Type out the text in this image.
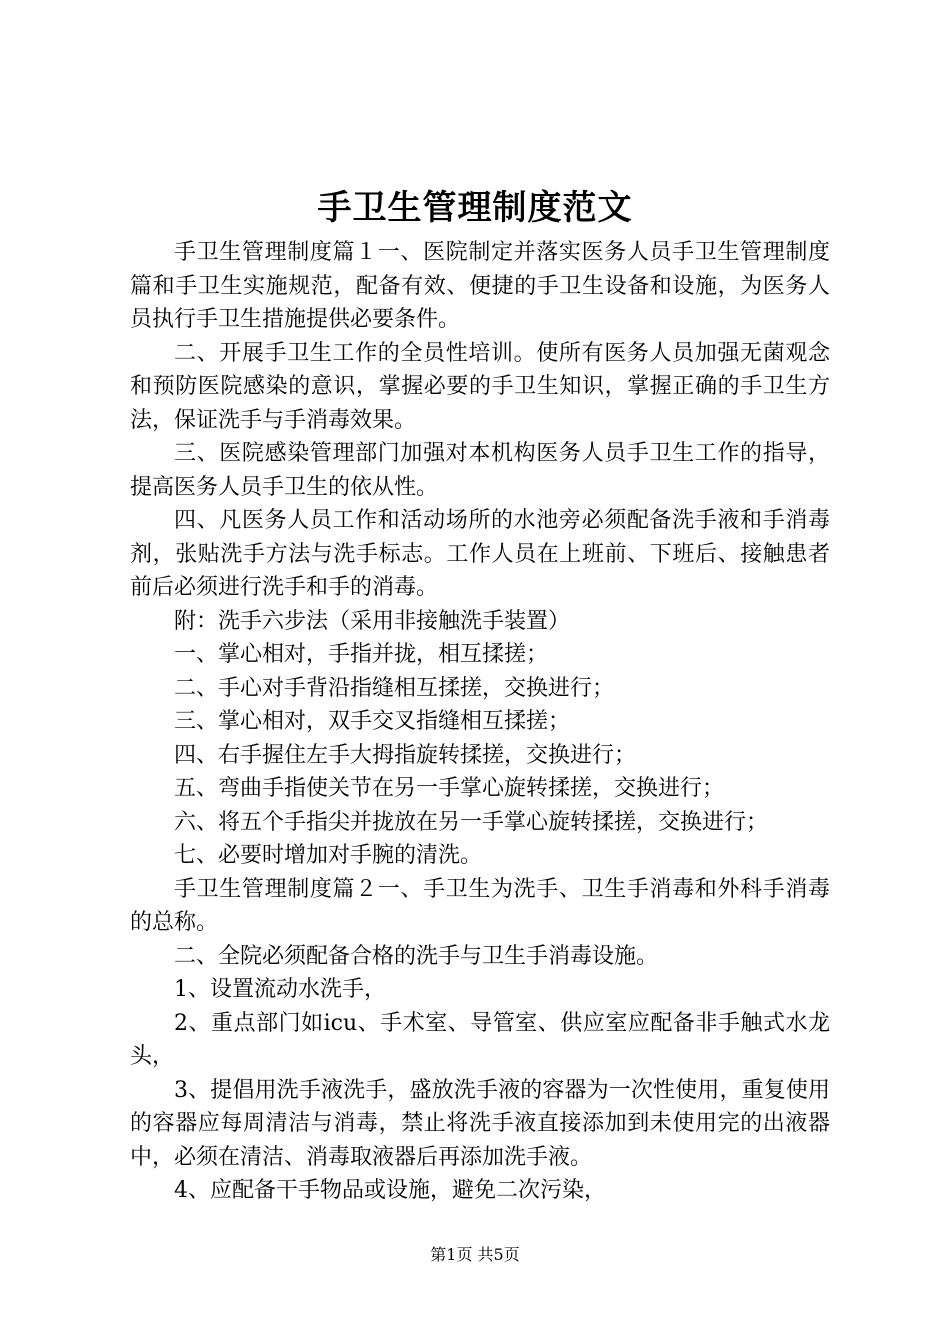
手卫生管理制度范文

手卫生管理制度篇１一、医院制定并落实医务人员手卫生管理制度篇和手卫生实施规范，配备有效、便捷的手卫生设备和设施，为医务人员执行手卫生措施提供必要条件。

二、开展手卫生工作的全员性培训。使所有医务人员加强无菌观念和预防医院感染的意识，掌握必要的手卫生知识，掌握正确的手卫生方法，保证洗手与手消毒效果。

三、医院感染管理部门加强对本机构医务人员手卫生工作的指导，提高医务人员手卫生的依从性。

四、凡医务人员工作和活动场所的水池旁必须配备洗手液和手消毒剂，张贴洗手方法与洗手标志。工作人员在上班前、下班后、接触患者前后必须进行洗手和手的消毒。

附：洗手六步法（采用非接触洗手装置）

一、掌心相对，手指并拢，相互揉搓；

二、手心对手背沿指缝相互揉搓，交换进行；

三、掌心相对，双手交叉指缝相互揉搓；

四、右手握住左手大拇指旋转揉搓，交换进行；

五、弯曲手指使关节在另一手掌心旋转揉搓，交换进行；

六、将五个手指尖并拢放在另一手掌心旋转揉搓，交换进行；

七、必要时增加对手腕的清洗。

手卫生管理制度篇２一、手卫生为洗手、卫生手消毒和外科手消毒的总称。

二、全院必须配备合格的洗手与卫生手消毒设施。

1、设置流动水洗手，

2、重点部门如icu、手术室、导管室、供应室应配备非手触式水龙头，

3、提倡用洗手液洗手，盛放洗手液的容器为一次性使用，重复使用的容器应每周清洁与消毒，禁止将洗手液直接添加到未使用完的出液器中，必须在清洁、消毒取液器后再添加洗手液。

4、应配备干手物品或设施，避免二次污染，

第1页 共5页
